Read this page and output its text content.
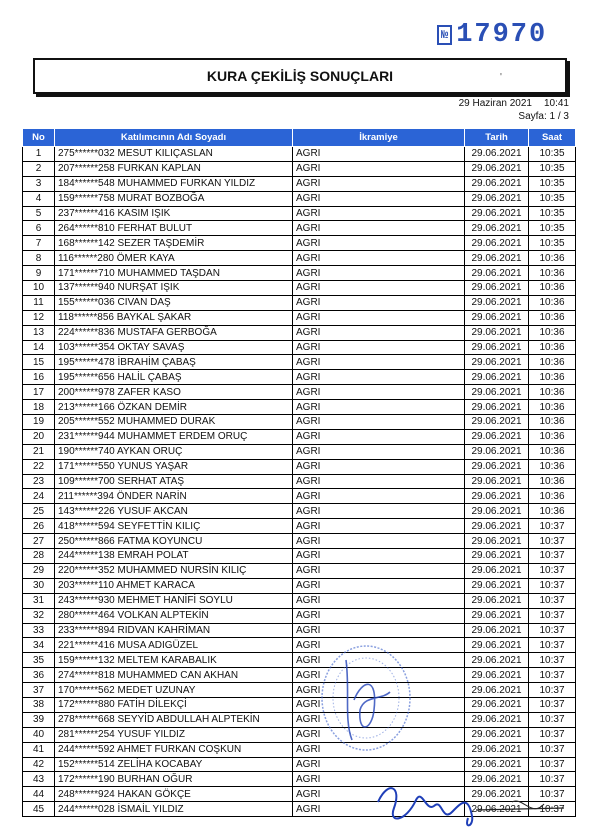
№ 17970
KURA ÇEKİLİŞ SONUÇLARI	'
29 Haziran 2021 10:41
Sayfa: 1 / 3
No	Katılımcının Adı Soyadı	İkramiye	Tarih	Saat
1	275******032 MESUT KILIÇASLAN	AGRI	29.06.2021	10:35
2	207******258 FURKAN KAPLAN	AGRI	29.06.2021	10:35
3	184******548 MUHAMMED FURKAN YILDIZ	AGRI	29.06.2021	10:35
4	159******758 MURAT BOZBOĞA	AGRI	29.06.2021	10:35
5	237******416 KASIM IŞIK	AGRI	29.06.2021	10:35
6	264******810 FERHAT BULUT	AGRI	29.06.2021	10:35
7	168******142 SEZER TAŞDEMİR	AGRI	29.06.2021	10:35
8	116******280 ÖMER KAYA	AGRI	29.06.2021	10:36
9	171******710 MUHAMMED TAŞDAN	AGRI	29.06.2021	10:36
10	137******940 NURŞAT IŞIK	AGRI	29.06.2021	10:36
11	155******036 CIVAN DAŞ	AGRI	29.06.2021	10:36
12	118******856 BAYKAL ŞAKAR	AGRI	29.06.2021	10:36
13	224******836 MUSTAFA GERBOĞA	AGRI	29.06.2021	10:36
14	103******354 OKTAY SAVAŞ	AGRI	29.06.2021	10:36
15	195******478 İBRAHİM ÇABAŞ	AGRI	29.06.2021	10:36
16	195******656 HALİL ÇABAŞ	AGRI	29.06.2021	10:36
17	200******978 ZAFER KASO	AGRI	29.06.2021	10:36
18	213******166 ÖZKAN DEMİR	AGRI	29.06.2021	10:36
19	205******552 MUHAMMED DURAK	AGRI	29.06.2021	10:36
20	231******944 MUHAMMET ERDEM ORUÇ	AGRI	29.06.2021	10:36
21	190******740 AYKAN ORUÇ	AGRI	29.06.2021	10:36
22	171******550 YUNUS YAŞAR	AGRI	29.06.2021	10:36
23	109******700 SERHAT ATAŞ	AGRI	29.06.2021	10:36
24	211******394 ÖNDER NARİN	AGRI	29.06.2021	10:36
25	143******226 YUSUF AKCAN	AGRI	29.06.2021	10:36
26	418******594 SEYFETTİN KILIÇ	AGRI	29.06.2021	10:37
27	250******866 FATMA KOYUNCU	AGRI	29.06.2021	10:37
28	244******138 EMRAH POLAT	AGRI	29.06.2021	10:37
29	220******352 MUHAMMED NURSİN KILIÇ	AGRI	29.06.2021	10:37
30	203******110 AHMET KARACA	AGRI	29.06.2021	10:37
31	243******930 MEHMET HANİFİ SOYLU	AGRI	29.06.2021	10:37
32	280******464 VOLKAN ALPTEKİN	AGRI	29.06.2021	10:37
33	233******894 RIDVAN KAHRİMAN	AGRI	29.06.2021	10:37
34	221******416 MUSA ADIGÜZEL	AGRI	29.06.2021	10:37
35	159******132 MELTEM KARABALIK	AGRI	29.06.2021	10:37
36	274******818 MUHAMMED CAN AKHAN	AGRI	29.06.2021	10:37
37	170******562 MEDET UZUNAY	AGRI	29.06.2021	10:37
38	172******880 FATİH DİLEKÇİ	AGRI	29.06.2021	10:37
39	278******668 SEYYİD ABDULLAH ALPTEKİN	AGRI	29.06.2021	10:37
40	281******254 YUSUF YILDIZ	AGRI	29.06.2021	10:37
41	244******592 AHMET FURKAN COŞKUN	AGRI	29.06.2021	10:37
42	152******514 ZELİHA KOCABAY	AGRI	29.06.2021	10:37
43	172******190 BURHAN OĞUR	AGRI	29.06.2021	10:37
44	248******924 HAKAN GÖKÇE	AGRI	29.06.2021	10:37
45	244******028 İSMAİL YILDIZ	AGRI	29.06.2021	10:37
